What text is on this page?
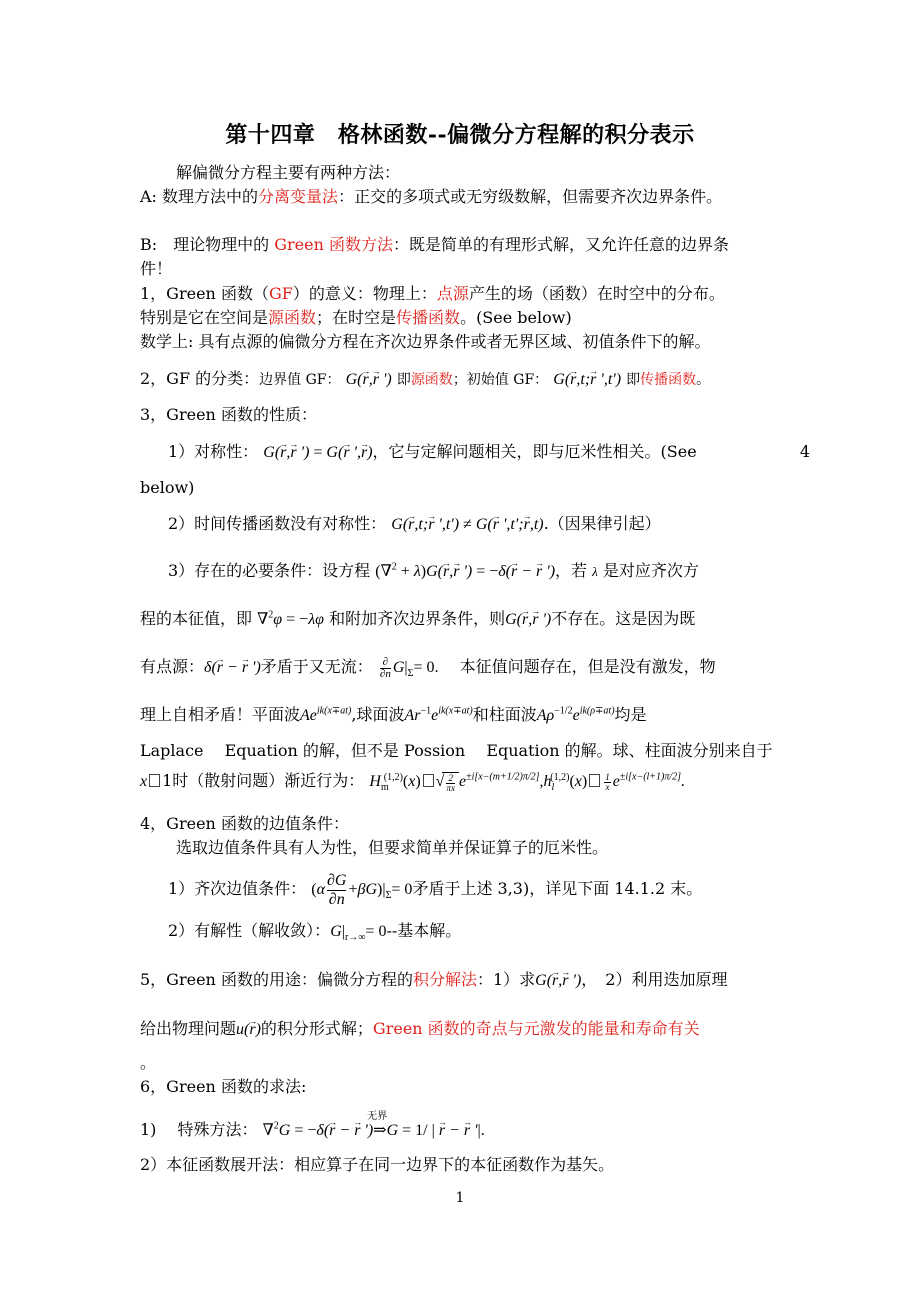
第十四章　格林函数--偏微分方程解的积分表示
解偏微分方程主要有两种方法：
A: 数理方法中的分离变量法：正交的多项式或无穷级数解，但需要齐次边界条件。
B:　理论物理中的 Green 函数方法：既是简单的有理形式解，又允许任意的边界条
件！
1，Green 函数（GF）的意义：物理上：点源产生的场（函数）在时空中的分布。
特别是它在空间是源函数；在时空是传播函数。(See below)
数学上: 具有点源的偏微分方程在齐次边界条件或者无界区域、初值条件下的解。
2，GF 的分类：边界值 GF： G(→ r,→ r ') 即源函数；初始值 GF： G(→ r,t;→ r ',t') 即传播函数。
3，Green 函数的性质：
1）对称性： G(→ r,→ r ') = G(→ r ',→ r)，它与定解问题相关，即与厄米性相关。(See	4
below)
2）时间传播函数没有对称性： G(→ r,t;→ r ',t') ≠ G(→ r ',t';→ r,t).（因果律引起）
3）存在的必要条件：设方程 (∇$^2$ + λ)G(→ r,→ r ') = −δ(→ r − → r ')，若 λ 是对应齐次方
程的本征值，即 ∇$^2$φ = −λφ 和附加齐次边界条件，则G(→ r,→ r ')不存在。这是因为既
有点源：δ(→ r − → r ')矛盾于又无流： $\frac{\partial}{\partial n} G|_\Sigma= 0$. 　 本征值问题存在，但是没有激发，物
理上自相矛盾！平面波$Ae^{ik(x\mp at)}$,球面波$Ar^{-1}e^{ik(x\mp at)}$和柱面波$A\rho^{-1/2}e^{ik(\rho\mp at)}$均是
Laplace　 Equation 的解，但不是 Possion　 Equation 的解。球、柱面波分别来自于
x 1时（散射问题）渐近行为： $H_m^{(1,2)}(x)$ √ $\frac{2}{\pi x} e^{\pm i[x-(m+1/2)\pi/2]},h_l^{(1,2)}(x) \frac{1}{x} e^{\pm i[x-(l+1)\pi/2]}$.
4，Green 函数的边值条件：
选取边值条件具有人为性，但要求简单并保证算子的厄米性。
1）齐次边值条件： $(\alpha \frac{\partial G}{\partial n} +\beta G)|_\Sigma= 0$矛盾于上述 3,3)，详见下面 14.1.2 末。
2）有解性（解收敛）：$G|_{r\to\infty}= 0--$基本解。
5，Green 函数的用途：偏微分方程的积分解法：1）求G(→ r,→ r ')，　2）利用迭加原理
给出物理问题u(→ r)的积分形式解；Green 函数的奇点与元激发的能量和寿命有关
。
6，Green 函数的求法:
1)　 特殊方法： ∇$^2$G = −δ(→ r − → r ')
无界
⇒G = 1/ | → r − → r '|.
2）本征函数展开法：相应算子在同一边界下的本征函数作为基矢。
1
